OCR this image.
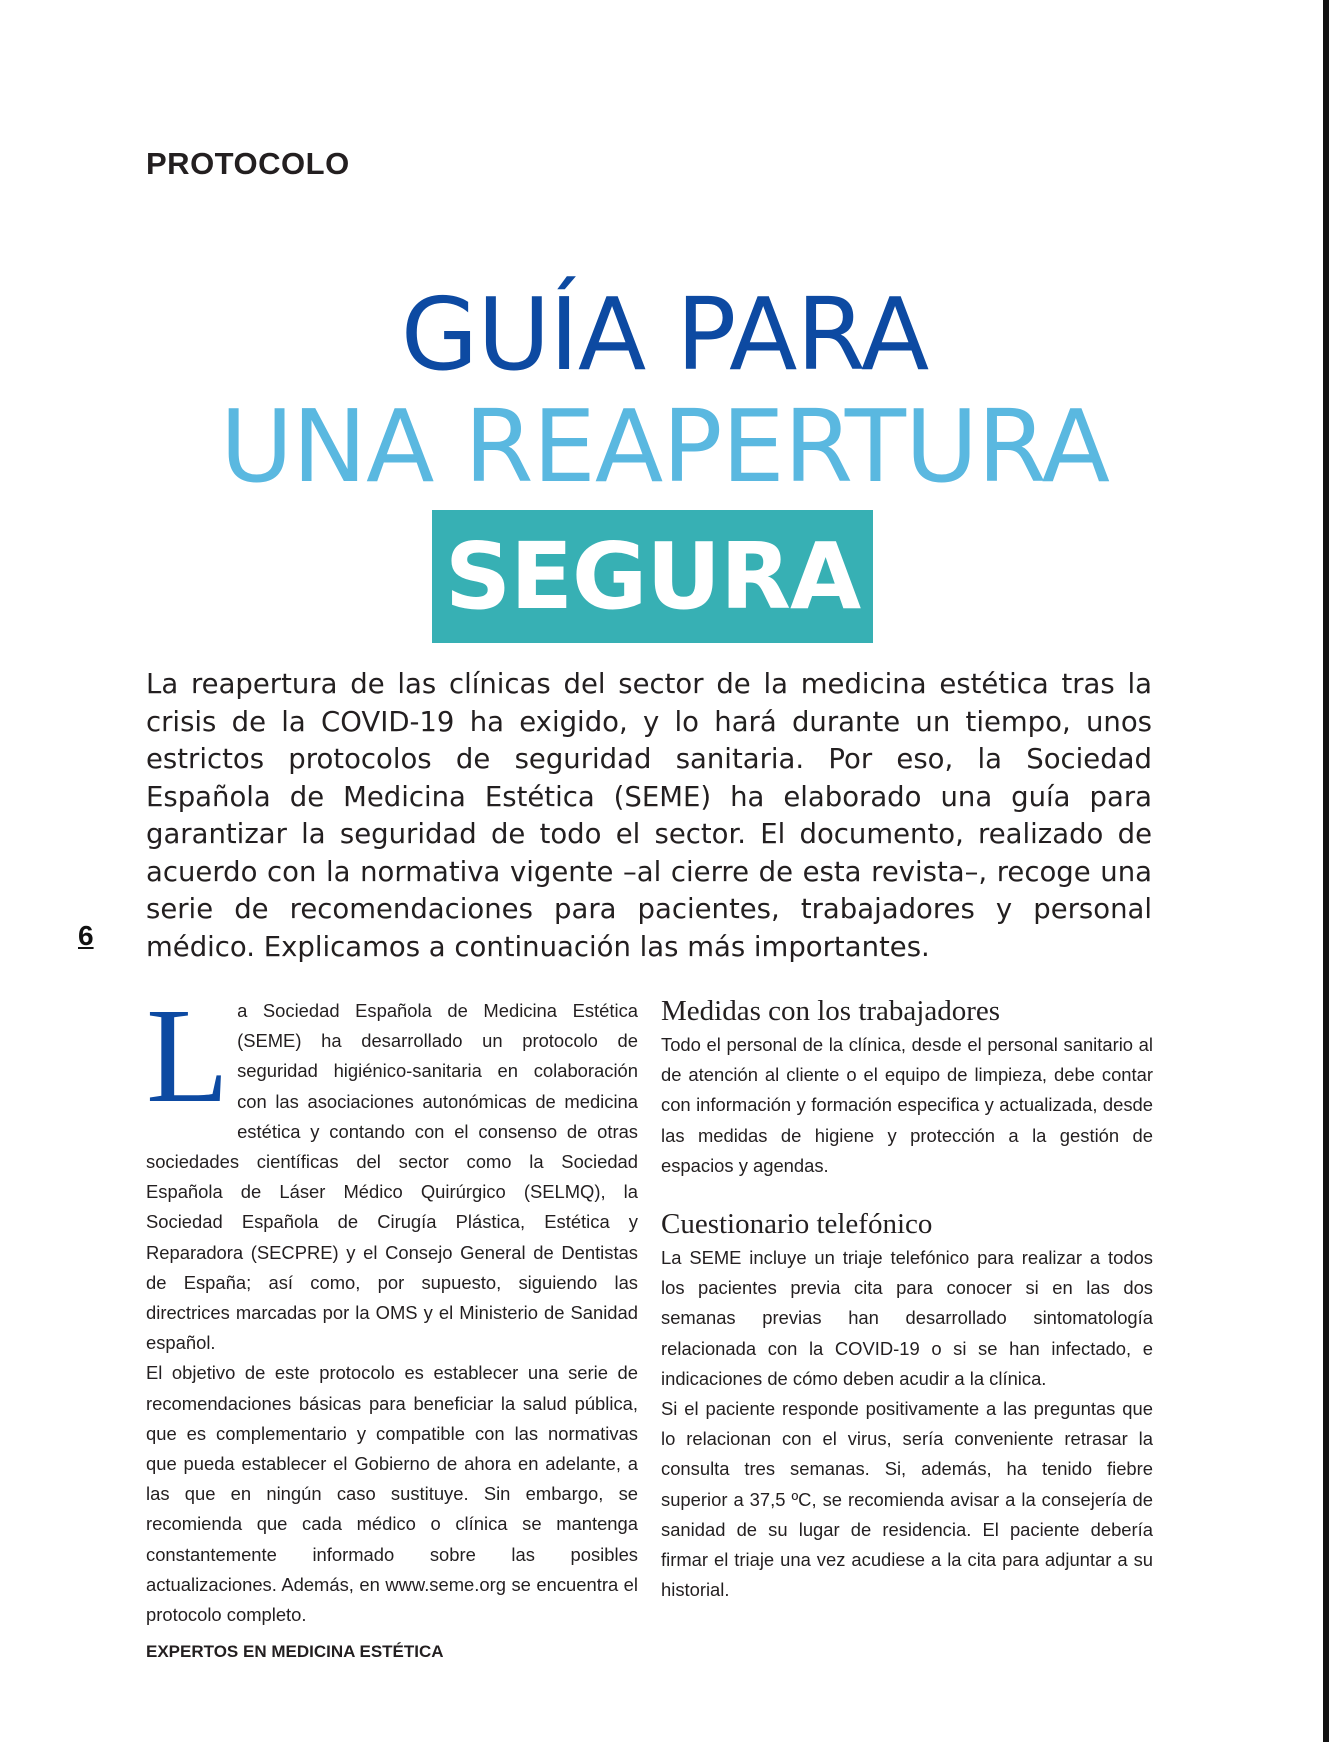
PROTOCOLO
GUÍA PARA
UNA REAPERTURA
SEGURA

La reapertura de las clínicas del sector de la medicina estética tras la crisis de la COVID-19 ha exigido, y lo hará durante un tiempo, unos estrictos protocolos de seguridad sanitaria. Por eso, la Sociedad Española de Medicina Estética (SEME) ha elaborado una guía para garantizar la seguridad de todo el sector. El documento, realizado de acuerdo con la normativa vigente –al cierre de esta revista–, recoge una serie de recomendaciones para pacientes, trabajadores y personal médico. Explicamos a continuación las más importantes.

6
L a Sociedad Española de Medicina Estética (SEME) ha desarrollado un protocolo de seguridad higiénico-sanitaria en colaboración con las asociaciones autonómicas de medicina estética y contando con el consenso de otras sociedades científicas del sector como la Sociedad Española de Láser Médico Quirúrgico (SELMQ), la Sociedad Española de Cirugía Plástica, Estética y Reparadora (SECPRE) y el Consejo General de Dentistas de España; así como, por supuesto, siguiendo las directrices marcadas por la OMS y el Ministerio de Sanidad español.

El objetivo de este protocolo es establecer una serie de recomendaciones básicas para beneficiar la salud pública, que es complementario y compatible con las normativas que pueda establecer el Gobierno de ahora en adelante, a las que en ningún caso sustituye. Sin embargo, se recomienda que cada médico o clínica se mantenga constantemente informado sobre las posibles actualizaciones. Además, en www.seme.org se encuentra el protocolo completo.

Medidas con los trabajadores

Todo el personal de la clínica, desde el personal sanitario al de atención al cliente o el equipo de limpieza, debe contar con información y formación especifica y actualizada, desde las medidas de higiene y protección a la gestión de espacios y agendas.

Cuestionario telefónico

La SEME incluye un triaje telefónico para realizar a todos los pacientes previa cita para conocer si en las dos semanas previas han desarrollado sintomatología relacionada con la COVID-19 o si se han infectado, e indicaciones de cómo deben acudir a la clínica.

Si el paciente responde positivamente a las preguntas que lo relacionan con el virus, sería conveniente retrasar la consulta tres semanas. Si, además, ha tenido fiebre superior a 37,5 ºC, se recomienda avisar a la consejería de sanidad de su lugar de residencia. El paciente debería firmar el triaje una vez acudiese a la cita para adjuntar a su historial.

EXPERTOS EN MEDICINA ESTÉTICA
